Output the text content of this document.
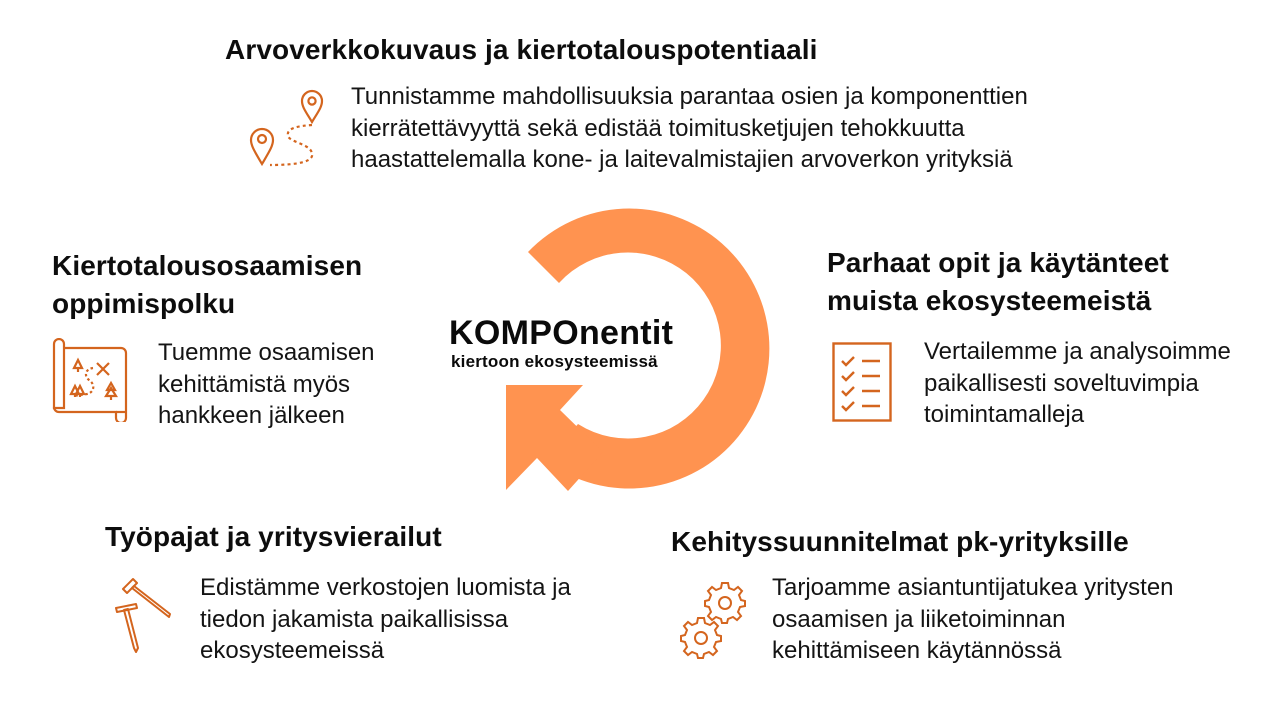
KOMPOnentit
kiertoon ekosysteemissä
Arvoverkkokuvaus ja kiertotalouspotentiaali
Tunnistamme mahdollisuuksia parantaa osien ja komponenttien
kierrätettävyyttä sekä edistää toimitusketjujen tehokkuutta
haastattelemalla kone- ja laitevalmistajien arvoverkon yrityksiä
Kiertotalousosaamisen
oppimispolku
Tuemme osaamisen
kehittämistä myös
hankkeen jälkeen
Parhaat opit ja käytänteet
muista ekosysteemeistä
Vertailemme ja analysoimme
paikallisesti soveltuvimpia
toimintamalleja
Työpajat ja yritysvierailut
Edistämme verkostojen luomista ja
tiedon jakamista paikallisissa
ekosysteemeissä
Kehityssuunnitelmat pk-yrityksille
Tarjoamme asiantuntijatukea yritysten
osaamisen ja liiketoiminnan
kehittämiseen käytännössä
